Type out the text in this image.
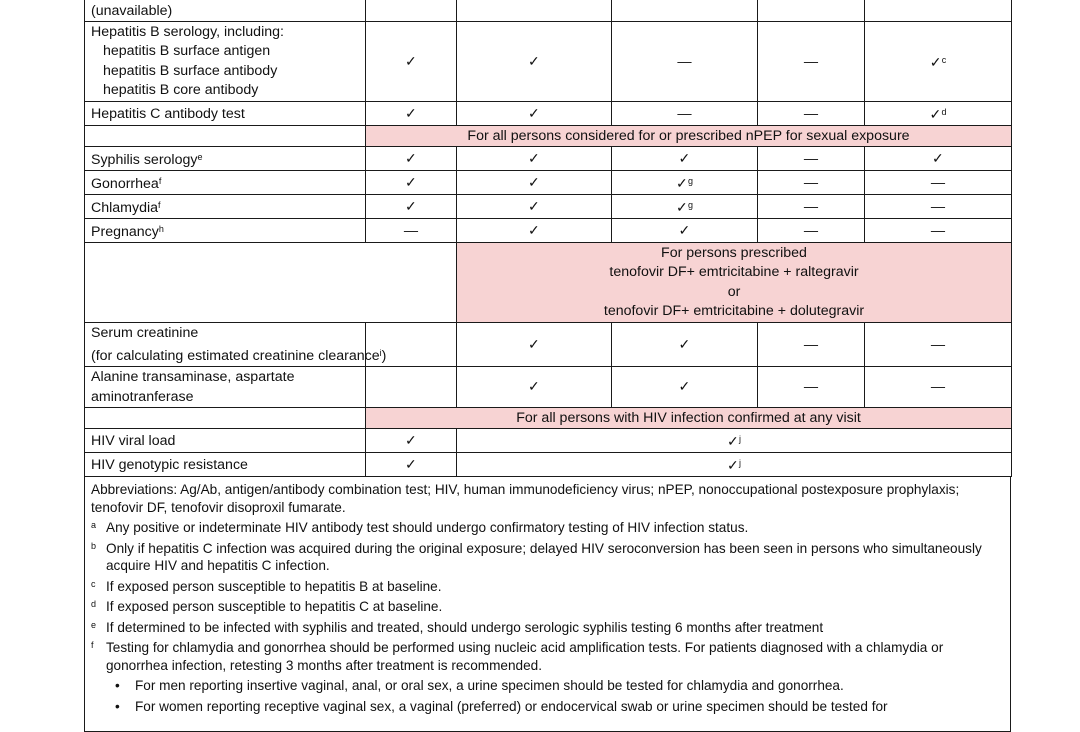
(unavailable)					

Hepatitis B serology, including:
hepatitis B surface antigen
hepatitis B surface antibody
hepatitis B core antibody	✓	✓	—	—	✓$^c$
Hepatitis C antibody test	✓	✓	—	—	✓$^d$
	For all persons considered for or prescribed nPEP for sexual exposure				
Syphilis serology$^e$	✓	✓	✓	—	✓
Gonorrhea$^f$	✓	✓	✓$^g$	—	—
Chlamydia$^f$	✓	✓	✓$^g$	—	—
Pregnancy$^h$	—	✓	✓	—	—

		For persons prescribed
tenofovir DF+ emtricitabine + raltegravir
or
tenofovir DF+ emtricitabine + dolutegravir			

Serum creatinine
(for calculating estimated creatinine clearance$^i$)		✓	✓	—	—

Alanine transaminase, aspartate
aminotranferase		✓	✓	—	—
	For all persons with HIV infection confirmed at any visit				
HIV viral load	✓	✓$^j$
HIV genotypic resistance	✓	✓$^j$

Abbreviations: Ag/Ab, antigen/antibody combination test; HIV, human immunodeficiency virus; nPEP, nonoccupational postexposure prophylaxis; tenofovir DF, tenofovir disoproxil fumarate.

a Any positive or indeterminate HIV antibody test should undergo confirmatory testing of HIV infection status.
b Only if hepatitis C infection was acquired during the original exposure; delayed HIV seroconversion has been seen in persons who simultaneously acquire HIV and hepatitis C infection.
c If exposed person susceptible to hepatitis B at baseline.
d If exposed person susceptible to hepatitis C at baseline.
e If determined to be infected with syphilis and treated, should undergo serologic syphilis testing 6 months after treatment
f Testing for chlamydia and gonorrhea should be performed using nucleic acid amplification tests. For patients diagnosed with a chlamydia or gonorrhea infection, retesting 3 months after treatment is recommended.
•	For men reporting insertive vaginal, anal, or oral sex, a urine specimen should be tested for chlamydia and gonorrhea.
•	For women reporting receptive vaginal sex, a vaginal (preferred) or endocervical swab or urine specimen should be tested for
